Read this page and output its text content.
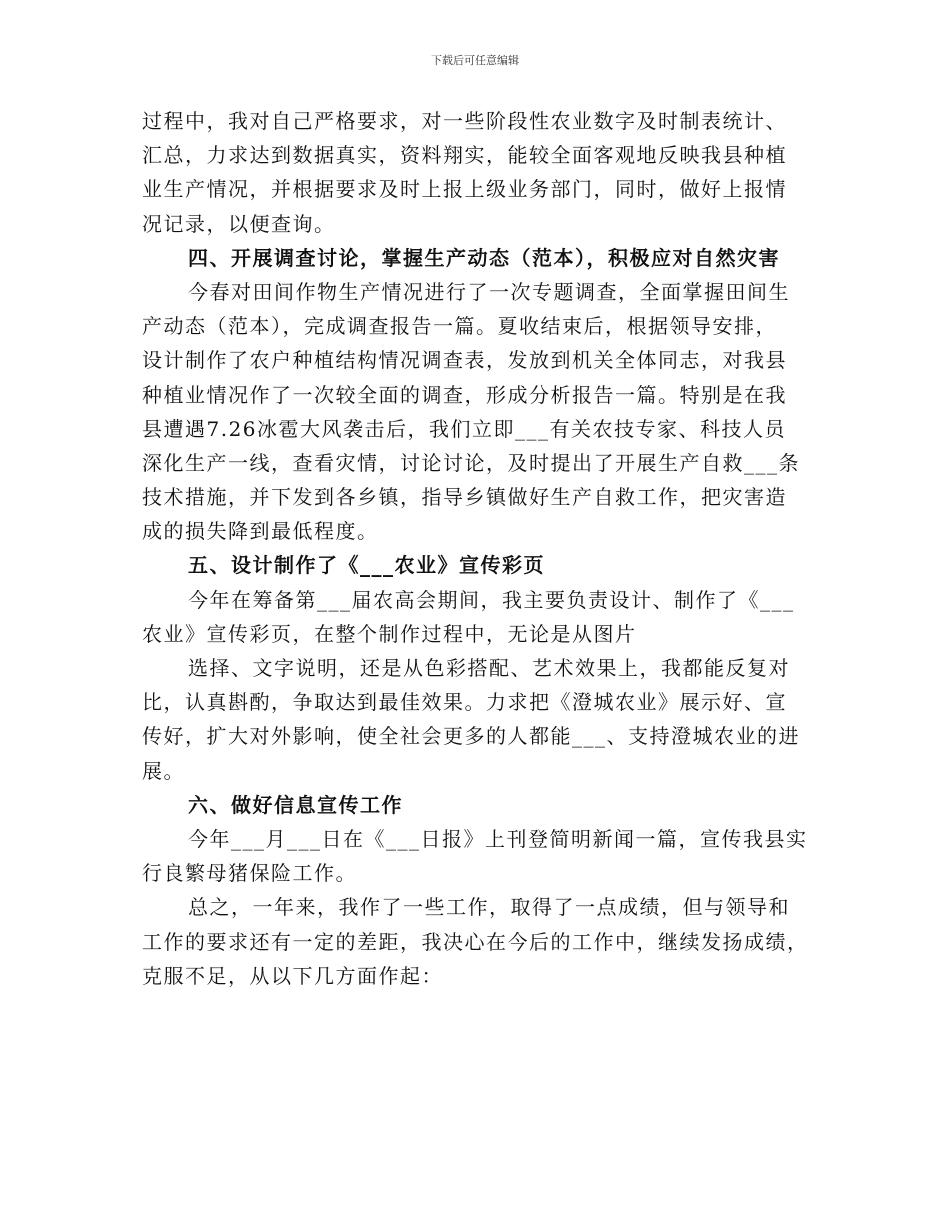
下载后可任意编辑
过程中，我对自己严格要求，对一些阶段性农业数字及时制表统计、
汇总，力求达到数据真实，资料翔实，能较全面客观地反映我县种植
业生产情况，并根据要求及时上报上级业务部门，同时，做好上报情
况记录，以便查询。
四、开展调查讨论，掌握生产动态（范本），积极应对自然灾害
今春对田间作物生产情况进行了一次专题调查，全面掌握田间生
产动态（范本），完成调查报告一篇。夏收结束后，根据领导安排，
设计制作了农户种植结构情况调查表，发放到机关全体同志，对我县
种植业情况作了一次较全面的调查，形成分析报告一篇。特别是在我
县遭遇7.26冰雹大风袭击后，我们立即___有关农技专家、科技人员
深化生产一线，查看灾情，讨论讨论，及时提出了开展生产自救___条
技术措施，并下发到各乡镇，指导乡镇做好生产自救工作，把灾害造
成的损失降到最低程度。
五、设计制作了《___农业》宣传彩页
今年在筹备第___届农高会期间，我主要负责设计、制作了《___
农业》宣传彩页，在整个制作过程中，无论是从图片
选择、文字说明，还是从色彩搭配、艺术效果上，我都能反复对
比，认真斟酌，争取达到最佳效果。力求把《澄城农业》展示好、宣
传好，扩大对外影响，使全社会更多的人都能___、支持澄城农业的进
展。
六、做好信息宣传工作
今年___月___日在《___日报》上刊登简明新闻一篇，宣传我县实
行良繁母猪保险工作。
总之，一年来，我作了一些工作，取得了一点成绩，但与领导和
工作的要求还有一定的差距，我决心在今后的工作中，继续发扬成绩，
克服不足，从以下几方面作起：
